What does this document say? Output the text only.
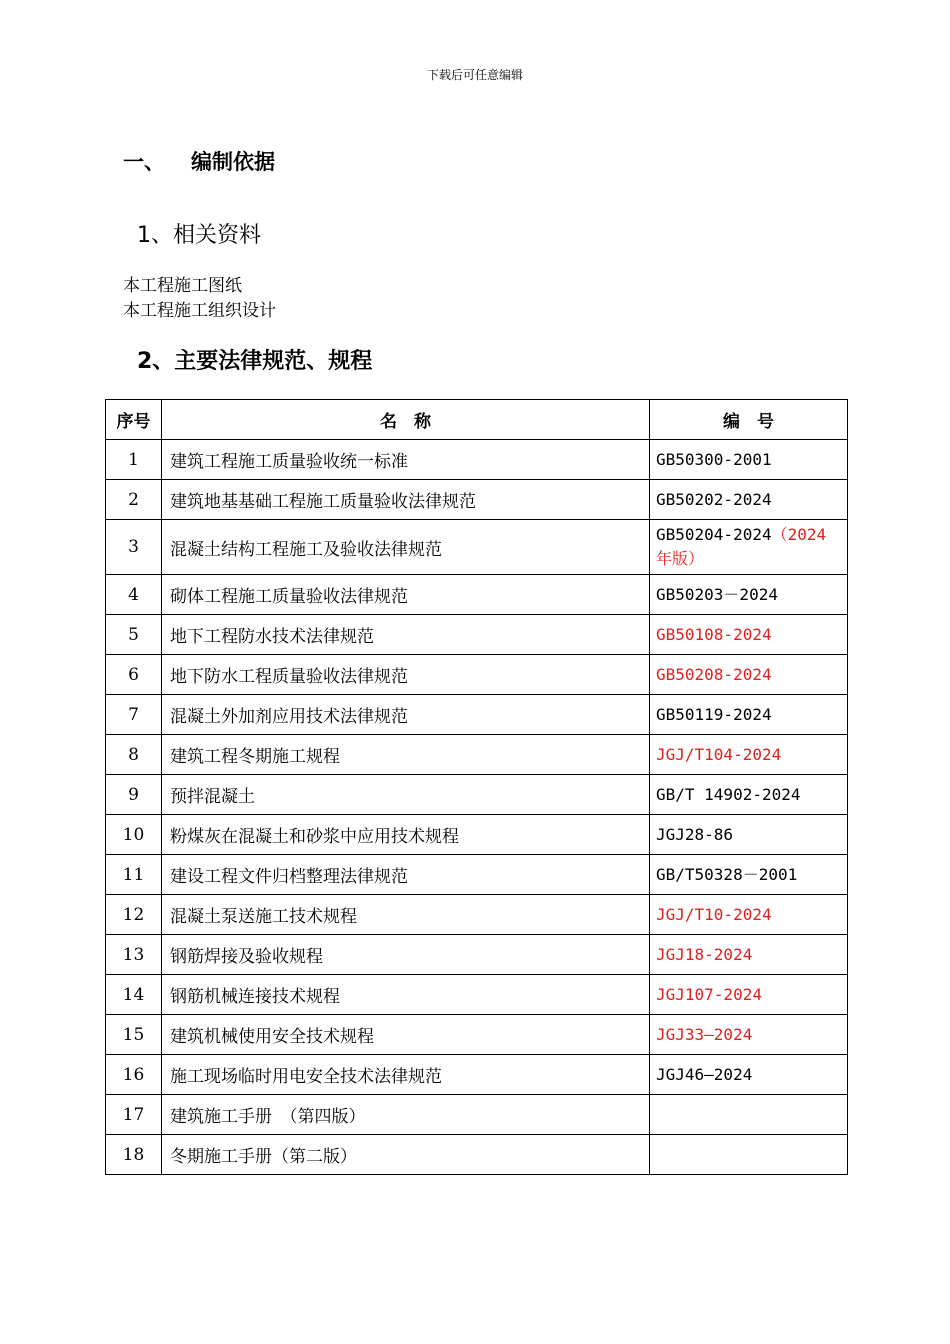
下载后可任意编辑
一、 编制依据
1、相关资料
本工程施工图纸
本工程施工组织设计
2、主要法律规范、规程
序号	名　称	编　号
1	建筑工程施工质量验收统一标准	GB50300-2001
2	建筑地基基础工程施工质量验收法律规范	GB50202-2024
3	混凝土结构工程施工及验收法律规范	GB50204-2024（2024年版）
4	砌体工程施工质量验收法律规范	GB50203－2024
5	地下工程防水技术法律规范	GB50108-2024
6	地下防水工程质量验收法律规范	GB50208-2024
7	混凝土外加剂应用技术法律规范	GB50119-2024
8	建筑工程冬期施工规程	JGJ/T104-2024
9	预拌混凝土	GB/T 14902-2024
10	粉煤灰在混凝土和砂浆中应用技术规程	JGJ28-86
11	建设工程文件归档整理法律规范	GB/T50328－2001
12	混凝土泵送施工技术规程	JGJ/T10-2024
13	钢筋焊接及验收规程	JGJ18-2024
14	钢筋机械连接技术规程	JGJ107-2024
15	建筑机械使用安全技术规程	JGJ33—2024
16	施工现场临时用电安全技术法律规范	JGJ46—2024
17	建筑施工手册　（第四版）	
18	冬期施工手册（第二版）	
